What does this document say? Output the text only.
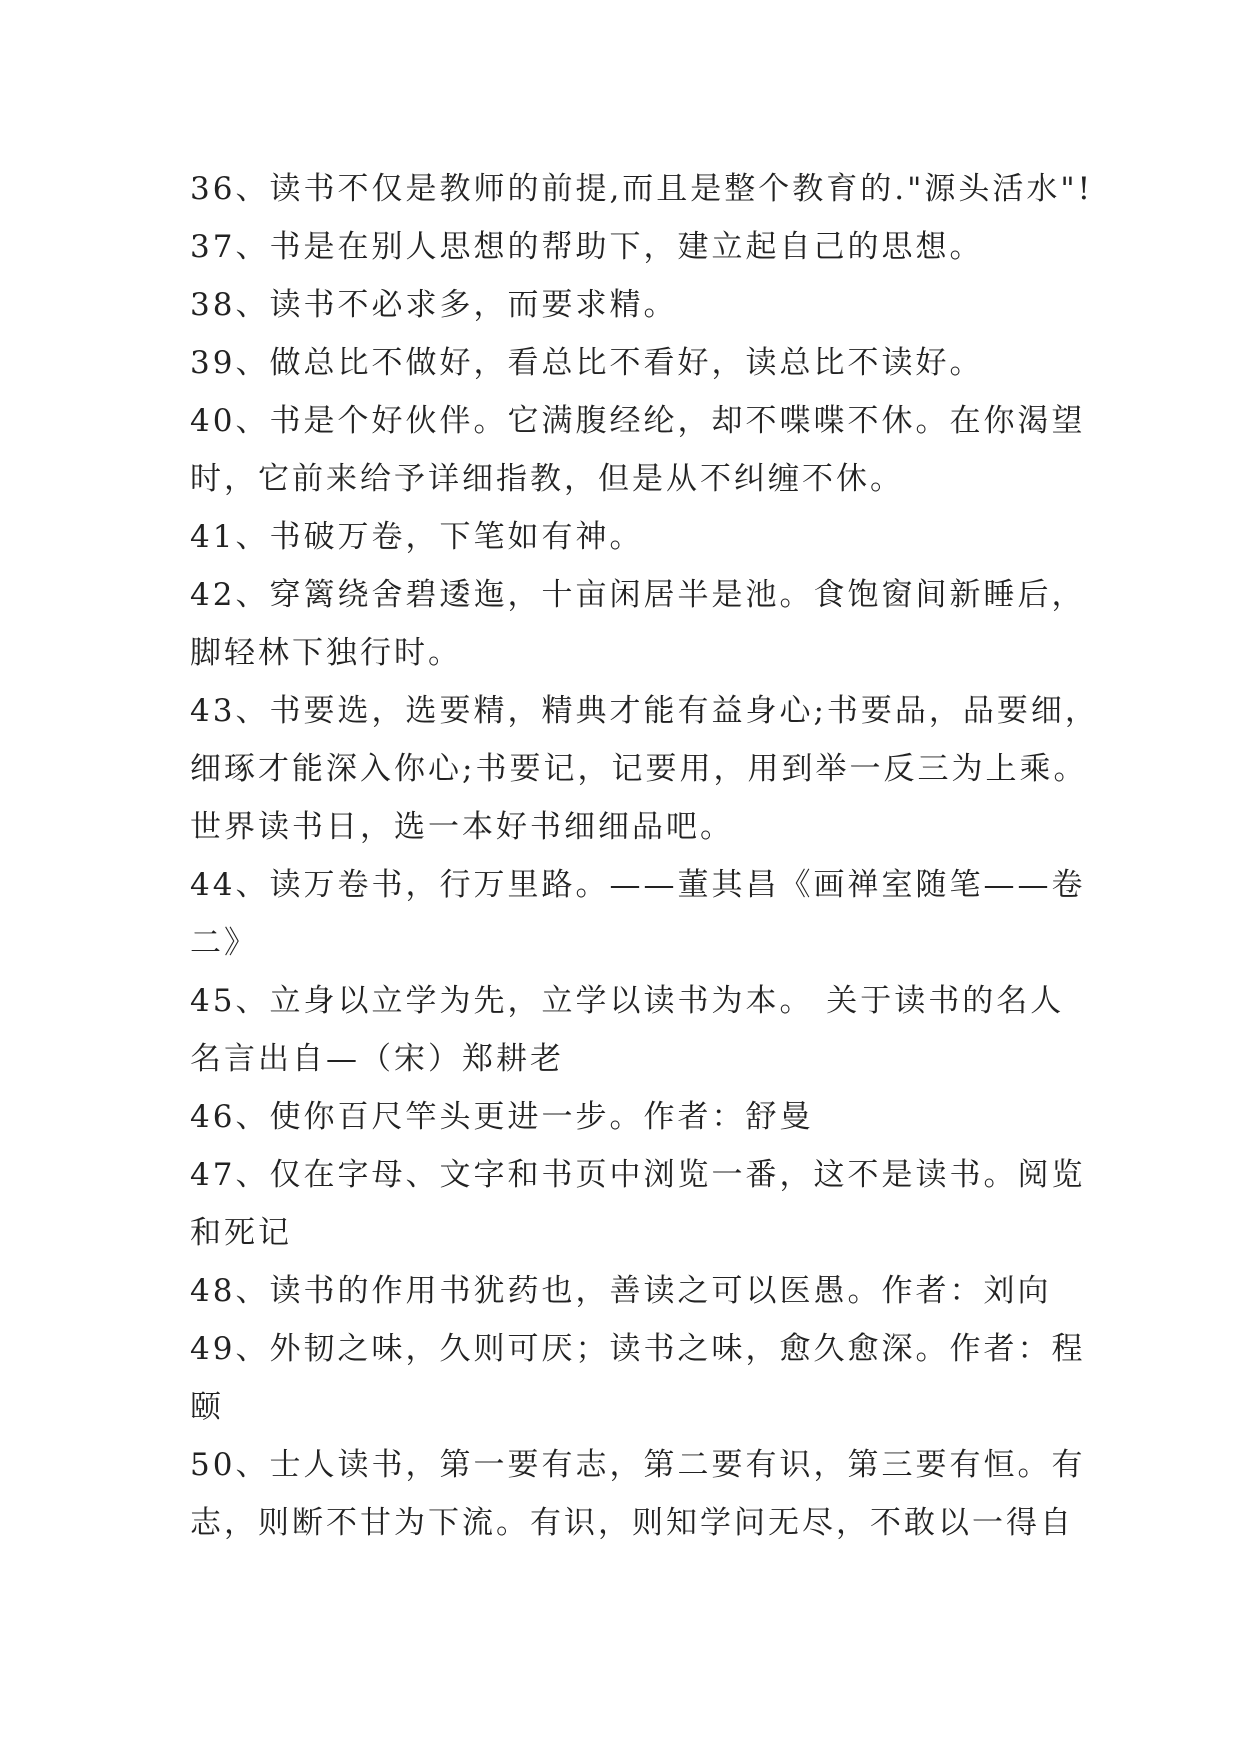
36、读书不仅是教师的前提,而且是整个教育的."源头活水"!
37、书是在别人思想的帮助下，建立起自己的思想。
38、读书不必求多，而要求精。
39、做总比不做好，看总比不看好，读总比不读好。
40、书是个好伙伴。它满腹经纶，却不喋喋不休。在你渴望
时，它前来给予详细指教，但是从不纠缠不休。
41、书破万卷，下笔如有神。
42、穿篱绕舍碧逶迤，十亩闲居半是池。食饱窗间新睡后，
脚轻林下独行时。
43、书要选，选要精，精典才能有益身心;书要品，品要细，
细琢才能深入你心;书要记，记要用，用到举一反三为上乘。
世界读书日，选一本好书细细品吧。
44、读万卷书，行万里路。——董其昌《画禅室随笔——卷
二》
45、立身以立学为先，立学以读书为本。 关于读书的名人
名言出自—（宋）郑耕老
46、使你百尺竿头更进一步。作者：舒曼
47、仅在字母、文字和书页中浏览一番，这不是读书。阅览
和死记
48、读书的作用书犹药也，善读之可以医愚。作者：刘向
49、外韧之味，久则可厌；读书之味，愈久愈深。作者：程
颐
50、士人读书，第一要有志，第二要有识，第三要有恒。有
志，则断不甘为下流。有识，则知学问无尽，不敢以一得自
